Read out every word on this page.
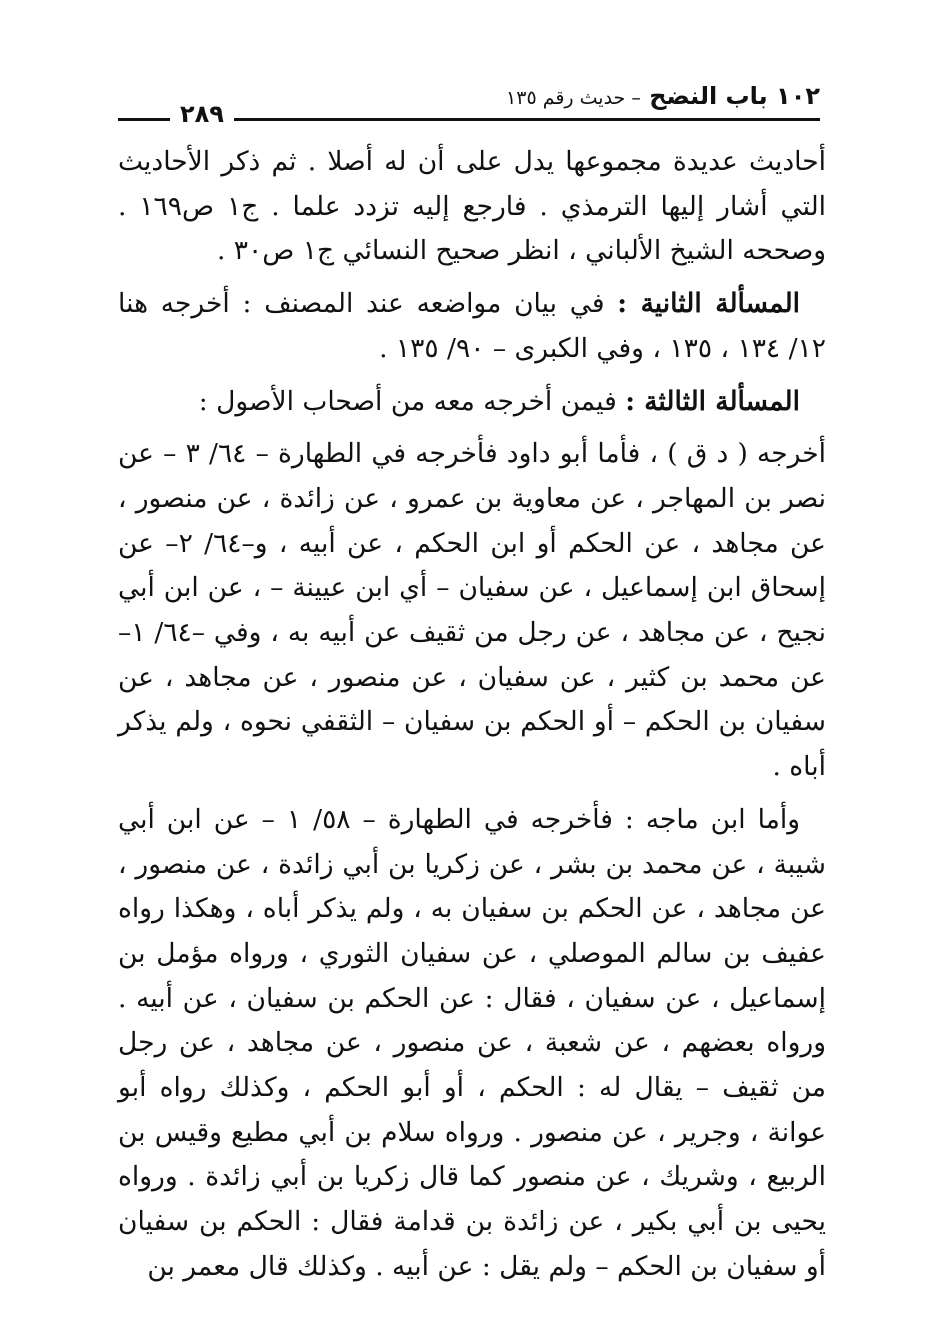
١٠٢ باب النضح – حديث رقم ١٣٥
٢٨٩

أحاديث عديدة مجموعها يدل على أن له أصلا . ثم ذكر الأحاديث التي أشار إليها الترمذي . فارجع إليه تزدد علما . ج١ ص١٦٩ . وصححه الشيخ الألباني ، انظر صحيح النسائي ج١ ص٣٠ .

المسألة الثانية : في بيان مواضعه عند المصنف : أخرجه هنا ١٢/ ١٣٤ ، ١٣٥ ، وفي الكبرى – ٩٠/ ١٣٥ .

المسألة الثالثة : فيمن أخرجه معه من أصحاب الأصول :

أخرجه ( د ق ) ، فأما أبو داود فأخرجه في الطهارة – ٦٤/ ٣ – عن نصر بن المهاجر ، عن معاوية بن عمرو ، عن زائدة ، عن منصور ، عن مجاهد ، عن الحكم أو ابن الحكم ، عن أبيه ، و–٦٤/ ٢– عن إسحاق ابن إسماعيل ، عن سفيان – أي ابن عيينة – ، عن ابن أبي نجيح ، عن مجاهد ، عن رجل من ثقيف عن أبيه به ، وفي –٦٤/ ١– عن محمد بن كثير ، عن سفيان ، عن منصور ، عن مجاهد ، عن سفيان بن الحكم – أو الحكم بن سفيان – الثقفي نحوه ، ولم يذكر أباه .

وأما ابن ماجه : فأخرجه في الطهارة – ٥٨/ ١ – عن ابن أبي شيبة ، عن محمد بن بشر ، عن زكريا بن أبي زائدة ، عن منصور ، عن مجاهد ، عن الحكم بن سفيان به ، ولم يذكر أباه ، وهكذا رواه عفيف بن سالم الموصلي ، عن سفيان الثوري ، ورواه مؤمل بن إسماعيل ، عن سفيان ، فقال : عن الحكم بن سفيان ، عن أبيه . ورواه بعضهم ، عن شعبة ، عن منصور ، عن مجاهد ، عن رجل من ثقيف – يقال له : الحكم ، أو أبو الحكم ، وكذلك رواه أبو عوانة ، وجرير ، عن منصور . ورواه سلام بن أبي مطيع وقيس بن الربيع ، وشريك ، عن منصور كما قال زكريا بن أبي زائدة . ورواه يحيى بن أبي بكير ، عن زائدة بن قدامة فقال : الحكم بن سفيان أو سفيان بن الحكم – ولم يقل : عن أبيه . وكذلك قال معمر بن
